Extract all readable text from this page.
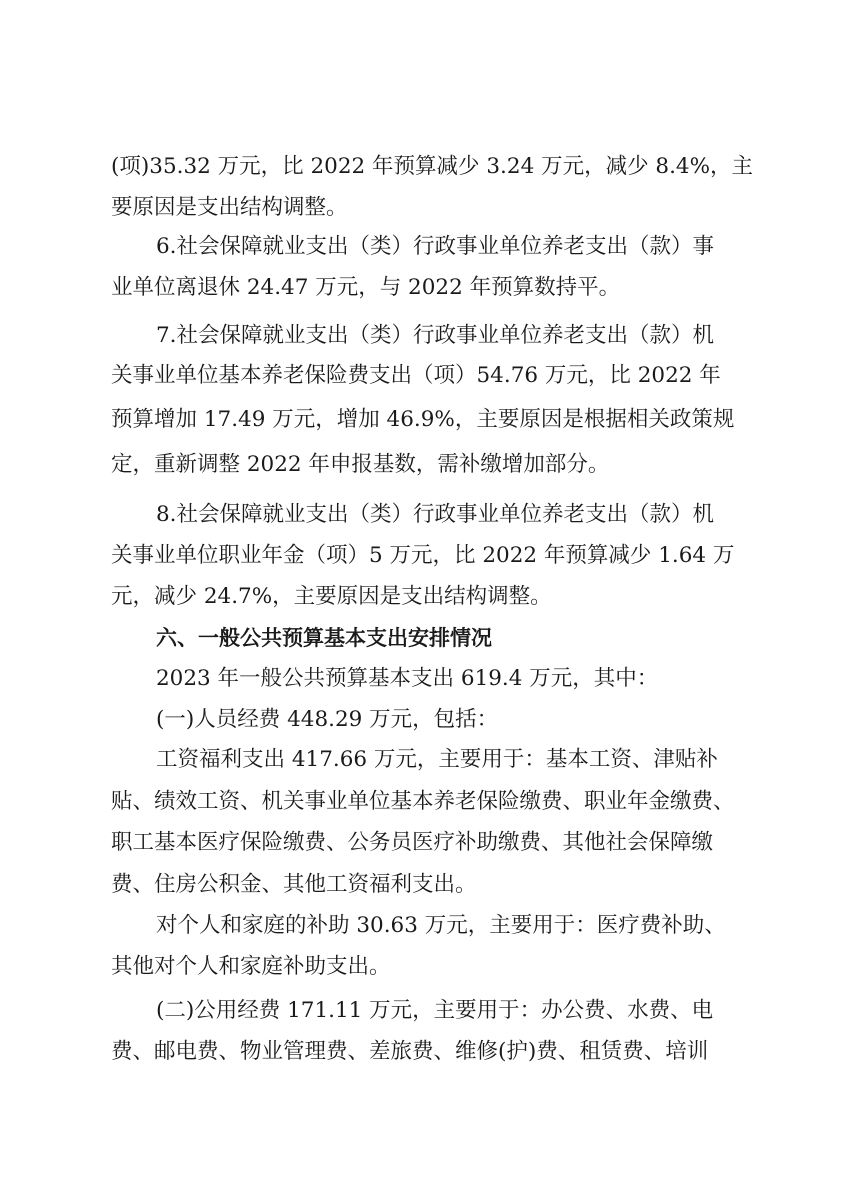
(项)35.32 万元，比 2022 年预算减少 3.24 万元，减少 8.4%，主
要原因是支出结构调整。
6.社会保障就业支出（类）行政事业单位养老支出（款）事
业单位离退休 24.47 万元，与 2022 年预算数持平。
7.社会保障就业支出（类）行政事业单位养老支出（款）机
关事业单位基本养老保险费支出（项）54.76 万元，比 2022 年
预算增加 17.49 万元，增加 46.9%，主要原因是根据相关政策规
定，重新调整 2022 年申报基数，需补缴增加部分。
8.社会保障就业支出（类）行政事业单位养老支出（款）机
关事业单位职业年金（项）5 万元，比 2022 年预算减少 1.64 万
元，减少 24.7%，主要原因是支出结构调整。
六、一般公共预算基本支出安排情况
2023 年一般公共预算基本支出 619.4 万元，其中：
(一)人员经费 448.29 万元，包括：
工资福利支出 417.66 万元，主要用于：基本工资、津贴补
贴、绩效工资、机关事业单位基本养老保险缴费、职业年金缴费、
职工基本医疗保险缴费、公务员医疗补助缴费、其他社会保障缴
费、住房公积金、其他工资福利支出。
对个人和家庭的补助 30.63 万元，主要用于：医疗费补助、
其他对个人和家庭补助支出。
(二)公用经费 171.11 万元，主要用于：办公费、水费、电
费、邮电费、物业管理费、差旅费、维修(护)费、租赁费、培训
